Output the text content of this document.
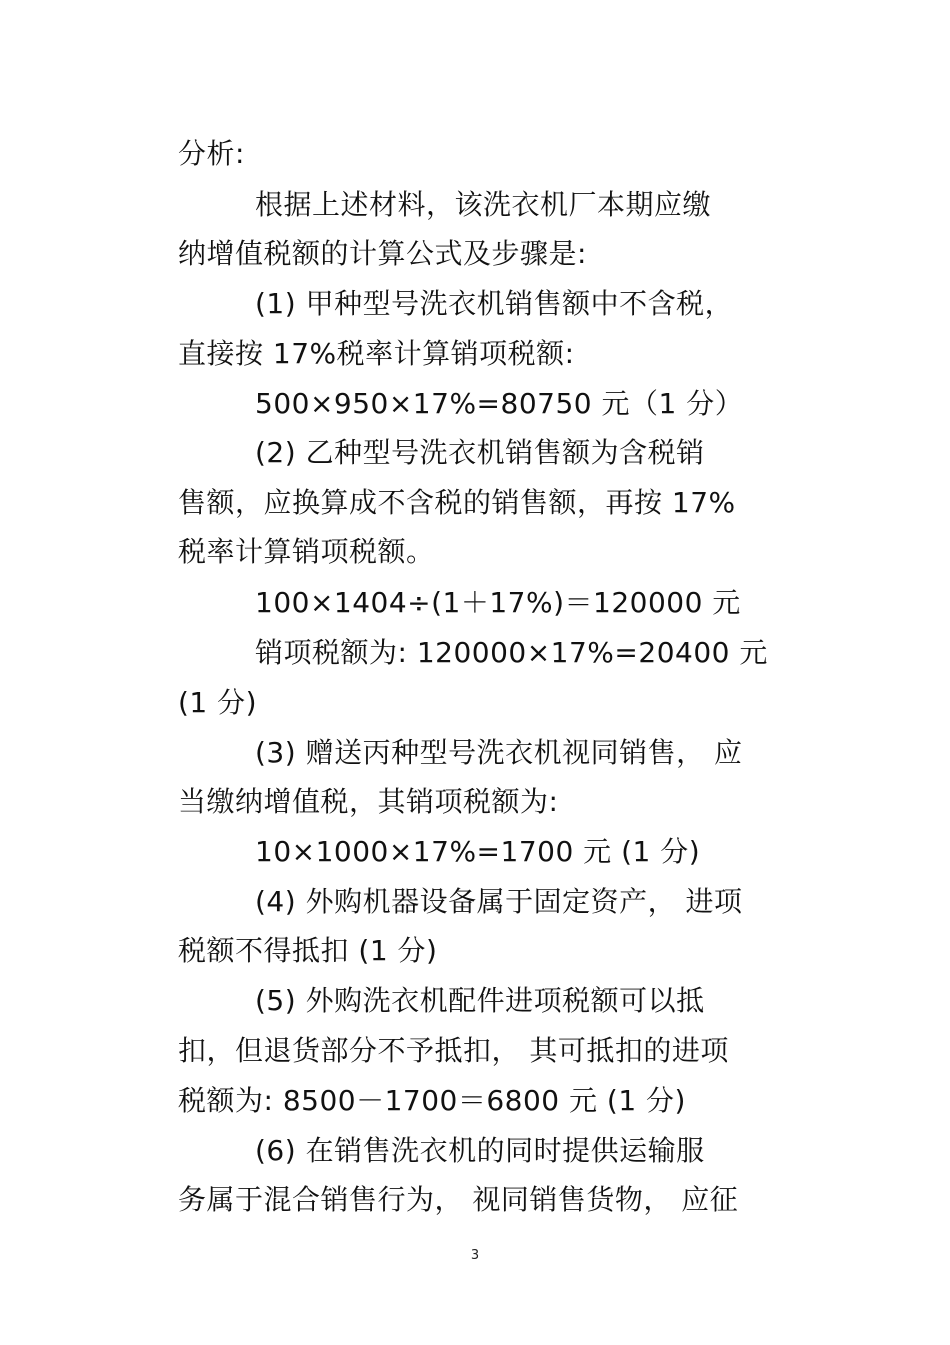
分析:
根据上述材料，该洗衣机厂本期应缴
纳增值税额的计算公式及步骤是:
(1) 甲种型号洗衣机销售额中不含税，
直接按 17%税率计算销项税额:
500×950×17%=80750 元（1 分）
(2) 乙种型号洗衣机销售额为含税销
售额，应换算成不含税的销售额，再按 17%
税率计算销项税额。
100×1404÷(1＋17%)＝120000 元
销项税额为: 120000×17%=20400 元
(1 分)
(3) 赠送丙种型号洗衣机视同销售， 应
当缴纳增值税，其销项税额为:
10×1000×17%=1700 元 (1 分)
(4) 外购机器设备属于固定资产， 进项
税额不得抵扣 (1 分)
(5) 外购洗衣机配件进项税额可以抵
扣，但退货部分不予抵扣， 其可抵扣的进项
税额为: 8500－1700＝6800 元 (1 分)
(6) 在销售洗衣机的同时提供运输服
务属于混合销售行为， 视同销售货物， 应征
3
